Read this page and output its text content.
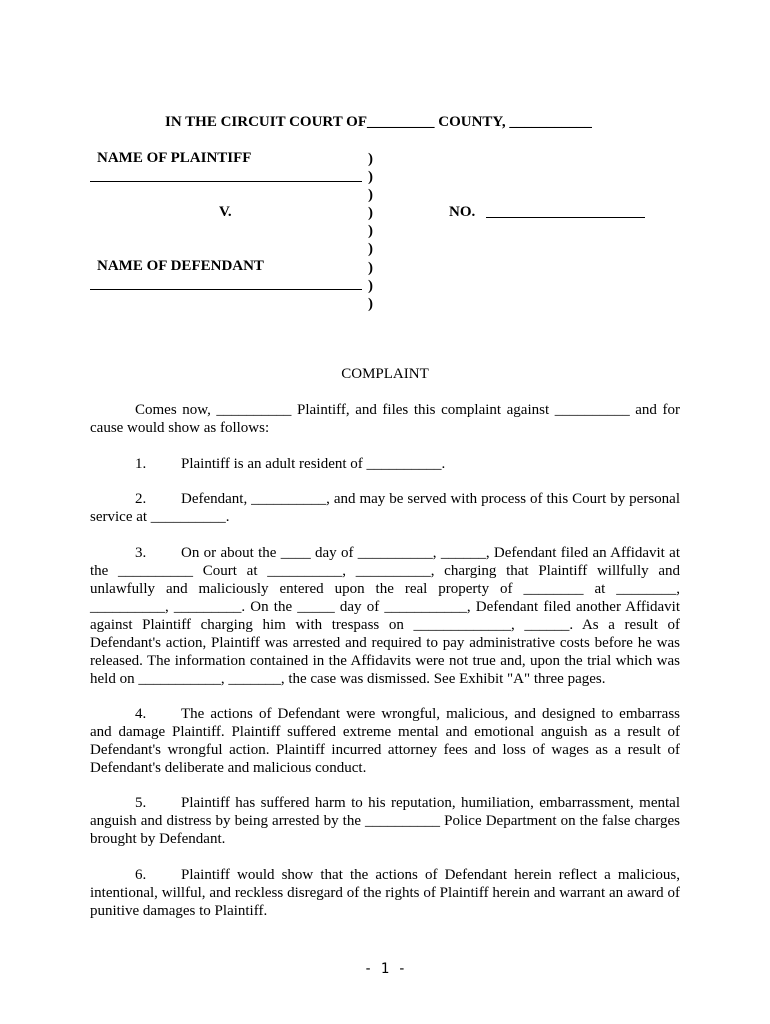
IN THE CIRCUIT COURT OF_________ COUNTY, ___________
NAME OF PLAINTIFF
V.
NAME OF DEFENDANT
)
)
)
)
)
)
)
)
)
NO.
COMPLAINT
Comes now, __________ Plaintiff, and files this complaint against __________ and for cause would show as follows:
1. Plaintiff is an adult resident of __________.
2. Defendant, __________, and may be served with process of this Court by personal service at __________.
3. On or about the ____ day of __________, ______, Defendant filed an Affidavit at the __________ Court at __________, __________, charging that Plaintiff willfully and unlawfully and maliciously entered upon the real property of ________ at ________, __________, _________. On the _____ day of ___________, Defendant filed another Affidavit against Plaintiff charging him with trespass on _____________, ______. As a result of Defendant's action, Plaintiff was arrested and required to pay administrative costs before he was released. The information contained in the Affidavits were not true and, upon the trial which was held on ___________, _______, the case was dismissed. See Exhibit "A" three pages.
4. The actions of Defendant were wrongful, malicious, and designed to embarrass and damage Plaintiff. Plaintiff suffered extreme mental and emotional anguish as a result of Defendant's wrongful action. Plaintiff incurred attorney fees and loss of wages as a result of Defendant's deliberate and malicious conduct.
5. Plaintiff has suffered harm to his reputation, humiliation, embarrassment, mental anguish and distress by being arrested by the __________ Police Department on the false charges brought by Defendant.
6. Plaintiff would show that the actions of Defendant herein reflect a malicious, intentional, willful, and reckless disregard of the rights of Plaintiff herein and warrant an award of punitive damages to Plaintiff.
- 1 -
